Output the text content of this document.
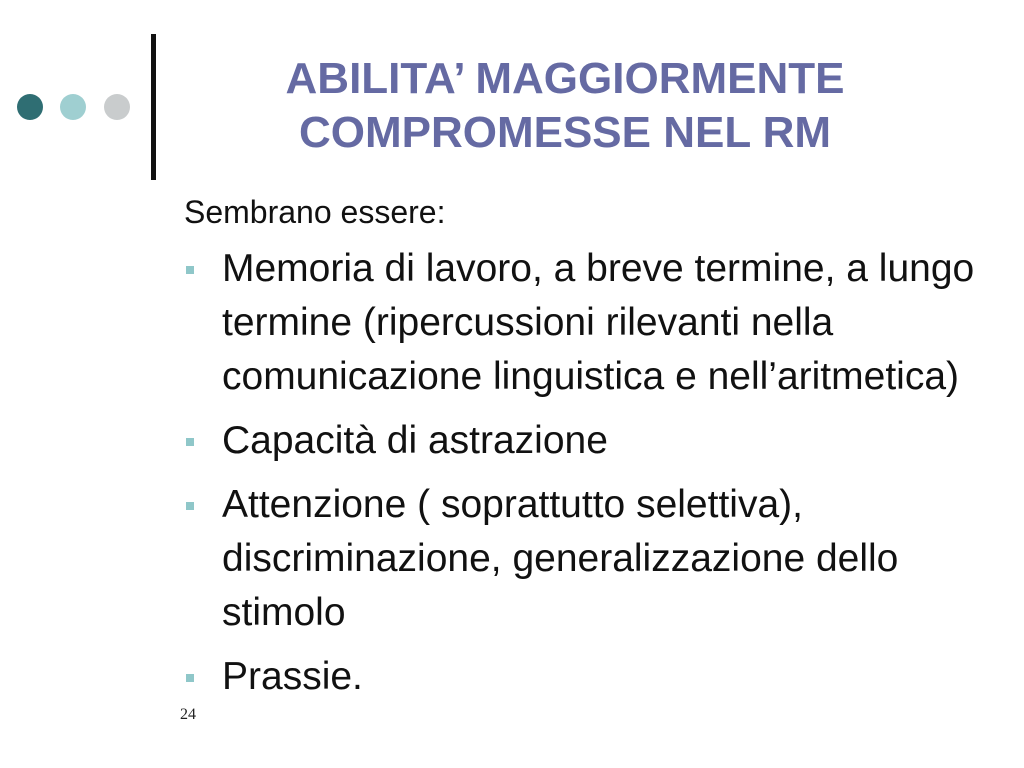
ABILITA’ MAGGIORMENTE
COMPROMESSE NEL RM
Sembrano essere:
Memoria di lavoro, a breve termine, a lungo termine (ripercussioni rilevanti nella comunicazione linguistica e nell’aritmetica)
Capacità di astrazione
Attenzione ( soprattutto selettiva), discriminazione, generalizzazione dello stimolo
Prassie.
24
